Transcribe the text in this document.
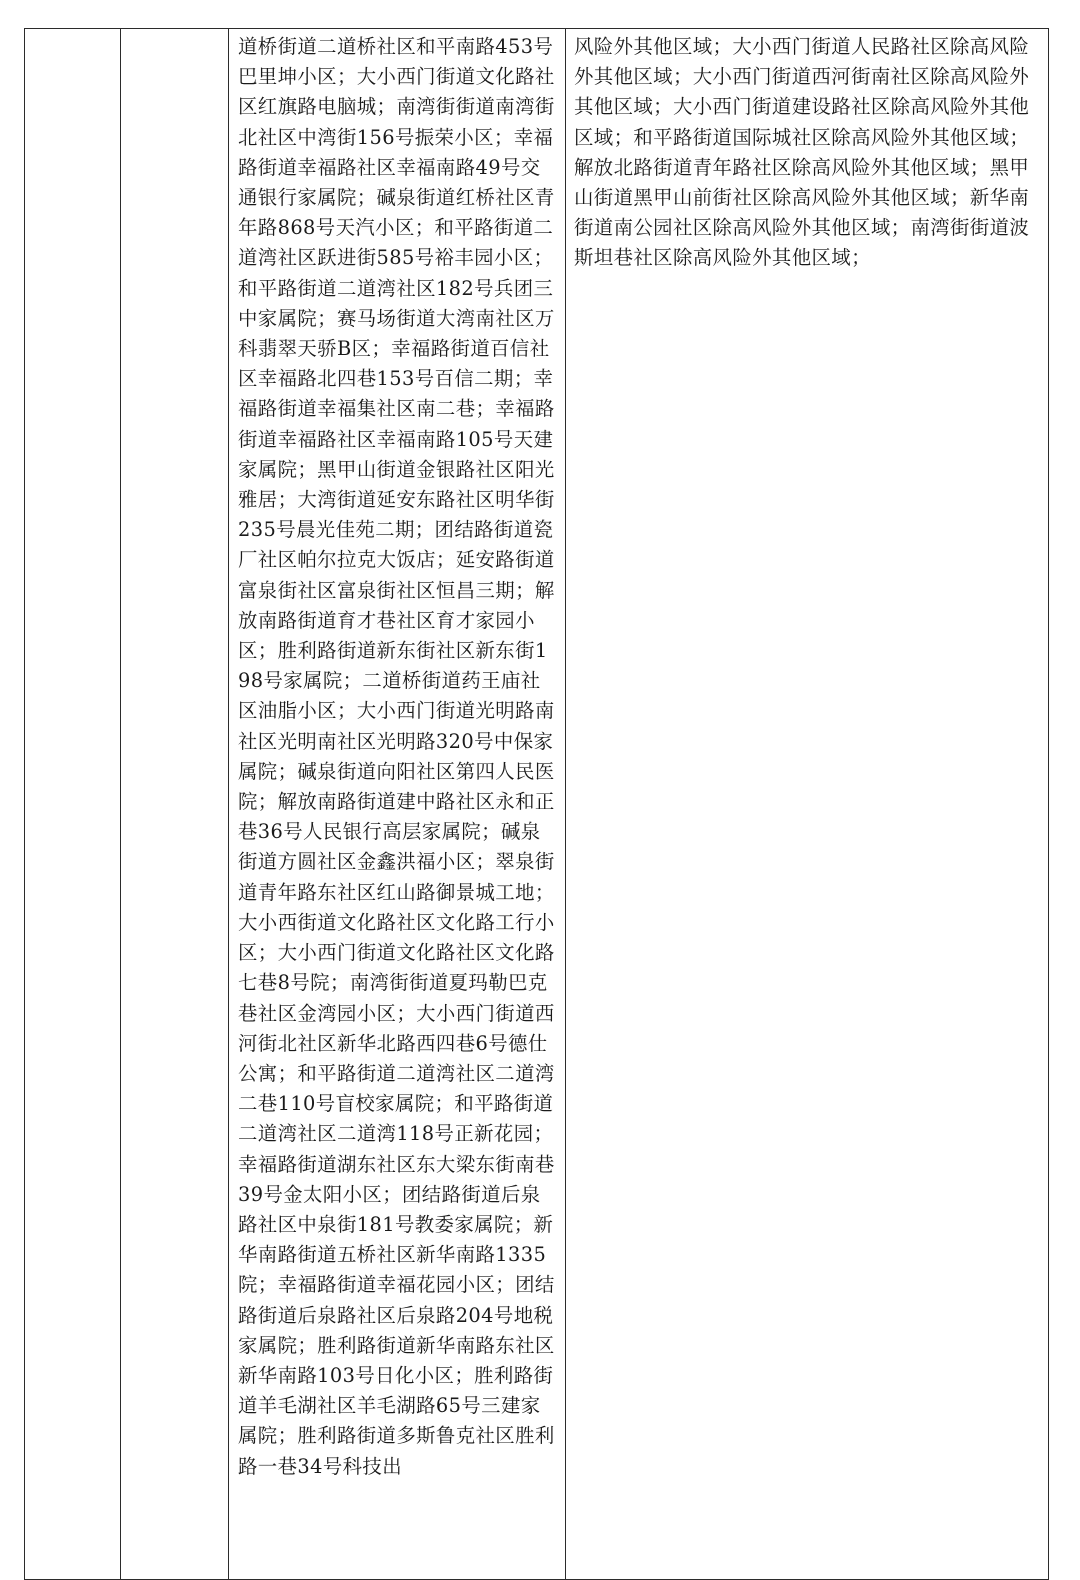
道桥街道二道桥社区和平南路453号巴里坤小区；大小西门街道文化路社区红旗路电脑城；南湾街街道南湾街北社区中湾街156号振荣小区；幸福路街道幸福路社区幸福南路49号交通银行家属院；碱泉街道红桥社区青年路868号天汽小区；和平路街道二道湾社区跃进街585号裕丰园小区；和平路街道二道湾社区182号兵团三中家属院；赛马场街道大湾南社区万科翡翠天骄B区；幸福路街道百信社区幸福路北四巷153号百信二期；幸福路街道幸福集社区南二巷；幸福路街道幸福路社区幸福南路105号天建家属院；黑甲山街道金银路社区阳光雅居；大湾街道延安东路社区明华街235号晨光佳苑二期；团结路街道瓷厂社区帕尔拉克大饭店；延安路街道富泉街社区富泉街社区恒昌三期；解放南路街道育才巷社区育才家园小区；胜利路街道新东街社区新东街198号家属院；二道桥街道药王庙社区油脂小区；大小西门街道光明路南社区光明南社区光明路320号中保家属院；碱泉街道向阳社区第四人民医院；解放南路街道建中路社区永和正巷36号人民银行高层家属院；碱泉街道方圆社区金鑫洪福小区；翠泉街道青年路东社区红山路御景城工地；大小西街道文化路社区文化路工行小区；大小西门街道文化路社区文化路七巷8号院；南湾街街道夏玛勒巴克巷社区金湾园小区；大小西门街道西河街北社区新华北路西四巷6号德仕公寓；和平路街道二道湾社区二道湾二巷110号盲校家属院；和平路街道二道湾社区二道湾118号正新花园；幸福路街道湖东社区东大梁东街南巷39号金太阳小区；团结路街道后泉路社区中泉街181号教委家属院；新华南路街道五桥社区新华南路1335院；幸福路街道幸福花园小区；团结路街道后泉路社区后泉路204号地税家属院；胜利路街道新华南路东社区新华南路103号日化小区；胜利路街道羊毛湖社区羊毛湖路65号三建家属院；胜利路街道多斯鲁克社区胜利路一巷34号科技出

风险外其他区域；大小西门街道人民路社区除高风险外其他区域；大小西门街道西河街南社区除高风险外其他区域；大小西门街道建设路社区除高风险外其他区域；和平路街道国际城社区除高风险外其他区域；解放北路街道青年路社区除高风险外其他区域；黑甲山街道黑甲山前街社区除高风险外其他区域；新华南街道南公园社区除高风险外其他区域；南湾街街道波斯坦巷社区除高风险外其他区域；
